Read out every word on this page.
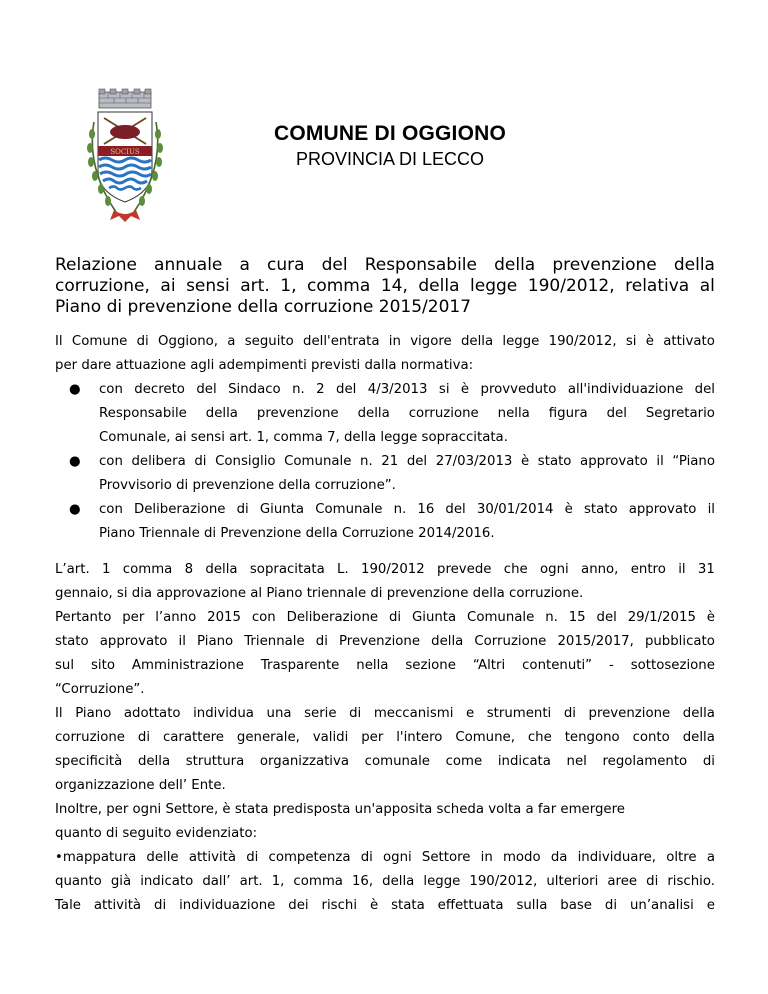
SOCIUS
COMUNE DI OGGIONO
PROVINCIA DI LECCO
Relazione annuale a cura del Responsabile della prevenzione della
corruzione, ai sensi art. 1, comma 14, della legge 190/2012, relativa al
Piano di prevenzione della corruzione 2015/2017
Il Comune di Oggiono, a seguito dell'entrata in vigore della legge 190/2012, si è attivato
per dare attuazione agli adempimenti previsti dalla normativa:
● con decreto del Sindaco n. 2 del 4/3/2013 si è provveduto all'individuazione del
Responsabile della prevenzione della corruzione nella figura del Segretario
Comunale, ai sensi art. 1, comma 7, della legge sopraccitata.
● con delibera di Consiglio Comunale n. 21 del 27/03/2013 è stato approvato il “Piano
Provvisorio di prevenzione della corruzione”.
● con Deliberazione di Giunta Comunale n. 16 del 30/01/2014 è stato approvato il
Piano Triennale di Prevenzione della Corruzione 2014/2016.
L’art. 1 comma 8 della sopracitata L. 190/2012 prevede che ogni anno, entro il 31
gennaio, si dia approvazione al Piano triennale di prevenzione della corruzione.
Pertanto per l’anno 2015 con Deliberazione di Giunta Comunale n. 15 del 29/1/2015 è
stato approvato il Piano Triennale di Prevenzione della Corruzione 2015/2017, pubblicato
sul sito Amministrazione Trasparente nella sezione “Altri contenuti” - sottosezione
“Corruzione”.
Il Piano adottato individua una serie di meccanismi e strumenti di prevenzione della
corruzione di carattere generale, validi per l'intero Comune, che tengono conto della
specificità della struttura organizzativa comunale come indicata nel regolamento di
organizzazione dell’ Ente.
Inoltre, per ogni Settore, è stata predisposta un'apposita scheda volta a far emergere
quanto di seguito evidenziato:
•mappatura delle attività di competenza di ogni Settore in modo da individuare, oltre a
quanto già indicato dall’ art. 1, comma 16, della legge 190/2012, ulteriori aree di rischio.
Tale attività di individuazione dei rischi è stata effettuata sulla base di un’analisi e
